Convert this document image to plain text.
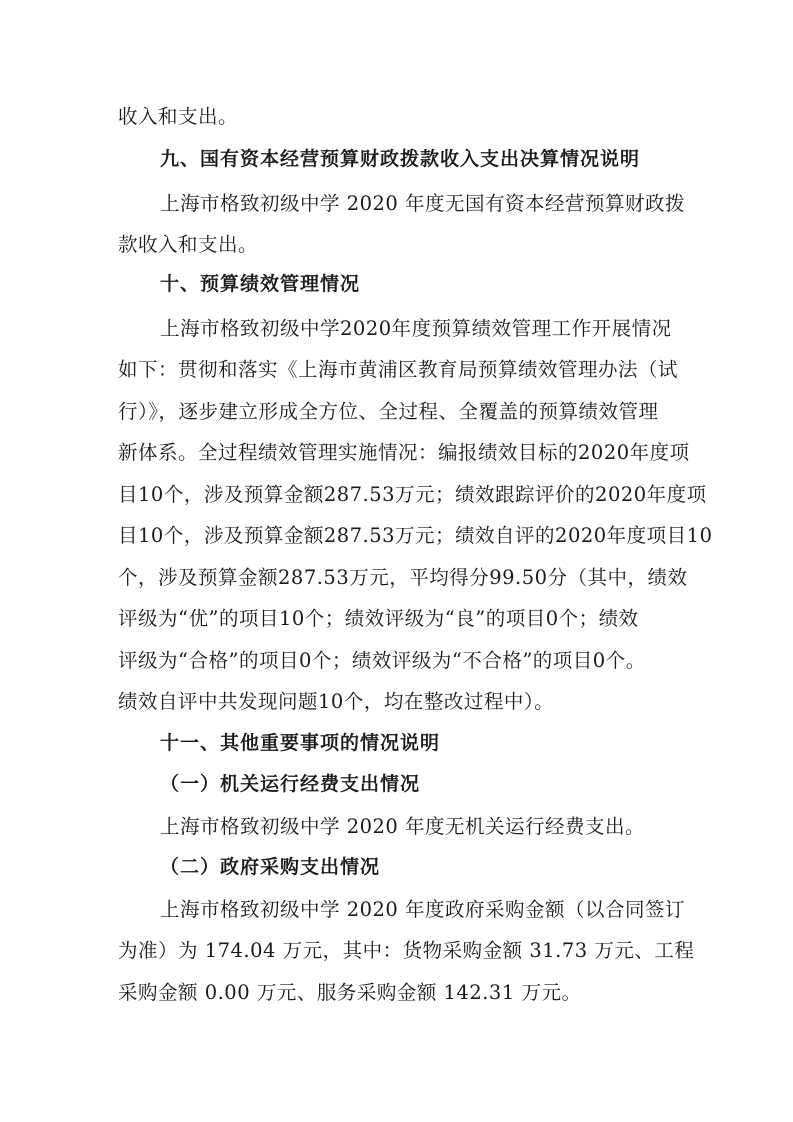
收入和支出。
九、国有资本经营预算财政拨款收入支出决算情况说明
上海市格致初级中学 2020 年度无国有资本经营预算财政拨
款收入和支出。
十、预算绩效管理情况
上海市格致初级中学2020年度预算绩效管理工作开展情况
如下：贯彻和落实《上海市黄浦区教育局预算绩效管理办法（试
行）》，逐步建立形成全方位、全过程、全覆盖的预算绩效管理
新体系。全过程绩效管理实施情况：编报绩效目标的2020年度项
目10个，涉及预算金额287.53万元；绩效跟踪评价的2020年度项
目10个，涉及预算金额287.53万元；绩效自评的2020年度项目10
个，涉及预算金额287.53万元，平均得分99.50分（其中，绩效
评级为“优”的项目10个；绩效评级为“良”的项目0个；绩效
评级为“合格”的项目0个；绩效评级为“不合格”的项目0个。
绩效自评中共发现问题10个，均在整改过程中）。
十一、其他重要事项的情况说明
（一）机关运行经费支出情况
上海市格致初级中学 2020 年度无机关运行经费支出。
（二）政府采购支出情况
上海市格致初级中学 2020 年度政府采购金额（以合同签订
为准）为 174.04 万元，其中：货物采购金额 31.73 万元、工程
采购金额 0.00 万元、服务采购金额 142.31 万元。
